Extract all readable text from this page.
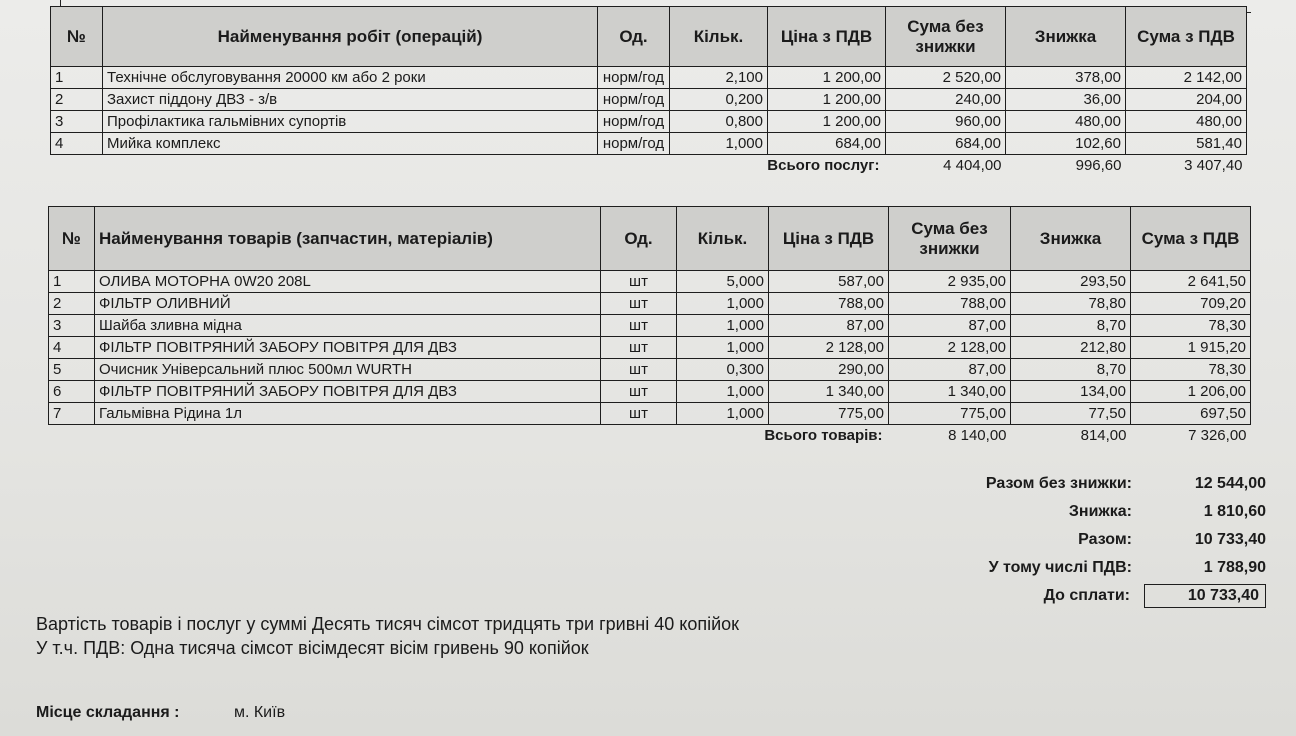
№	Найменування робіт (операцій)	Од.	Кільк.	Ціна з ПДВ	Сума без знижки	Знижка	Сума з ПДВ
1	Технічне обслуговування 20000 км або 2 роки	норм/год	2,100	1 200,00	2 520,00	378,00	2 142,00
2	Захист піддону ДВЗ - з/в	норм/год	0,200	1 200,00	240,00	36,00	204,00
3	Профілактика гальмівних супортів	норм/год	0,800	1 200,00	960,00	480,00	480,00
4	Мийка комплекс	норм/год	1,000	684,00	684,00	102,60	581,40
Всього послуг:					4 404,00	996,60	3 407,40
№	Найменування товарів (запчастин, матеріалів)	Од.	Кільк.	Ціна з ПДВ	Сума без знижки	Знижка	Сума з ПДВ
1	ОЛИВА МОТОРНА 0W20 208L	шт	5,000	587,00	2 935,00	293,50	2 641,50
2	ФІЛЬТР ОЛИВНИЙ	шт	1,000	788,00	788,00	78,80	709,20
3	Шайба зливна мідна	шт	1,000	87,00	87,00	8,70	78,30
4	ФІЛЬТР ПОВІТРЯНИЙ ЗАБОРУ ПОВІТРЯ ДЛЯ ДВЗ	шт	1,000	2 128,00	2 128,00	212,80	1 915,20
5	Очисник Універсальний плюс 500мл WURTH	шт	0,300	290,00	87,00	8,70	78,30
6	ФІЛЬТР ПОВІТРЯНИЙ ЗАБОРУ ПОВІТРЯ ДЛЯ ДВЗ	шт	1,000	1 340,00	1 340,00	134,00	1 206,00
7	Гальмівна Рідина 1л	шт	1,000	775,00	775,00	77,50	697,50
Всього товарів:					8 140,00	814,00	7 326,00
Разом без знижки:	12 544,00
Знижка:	1 810,60
Разом:	10 733,40
У тому числі ПДВ:	1 788,90
До сплати:	10 733,40
Вартість товарів і послуг у суммі Десять тисяч сімсот тридцять три гривні 40 копійок
У т.ч. ПДВ: Одна тисяча сімсот вісімдесят вісім гривень 90 копійок
Місце складання :	м. Київ
